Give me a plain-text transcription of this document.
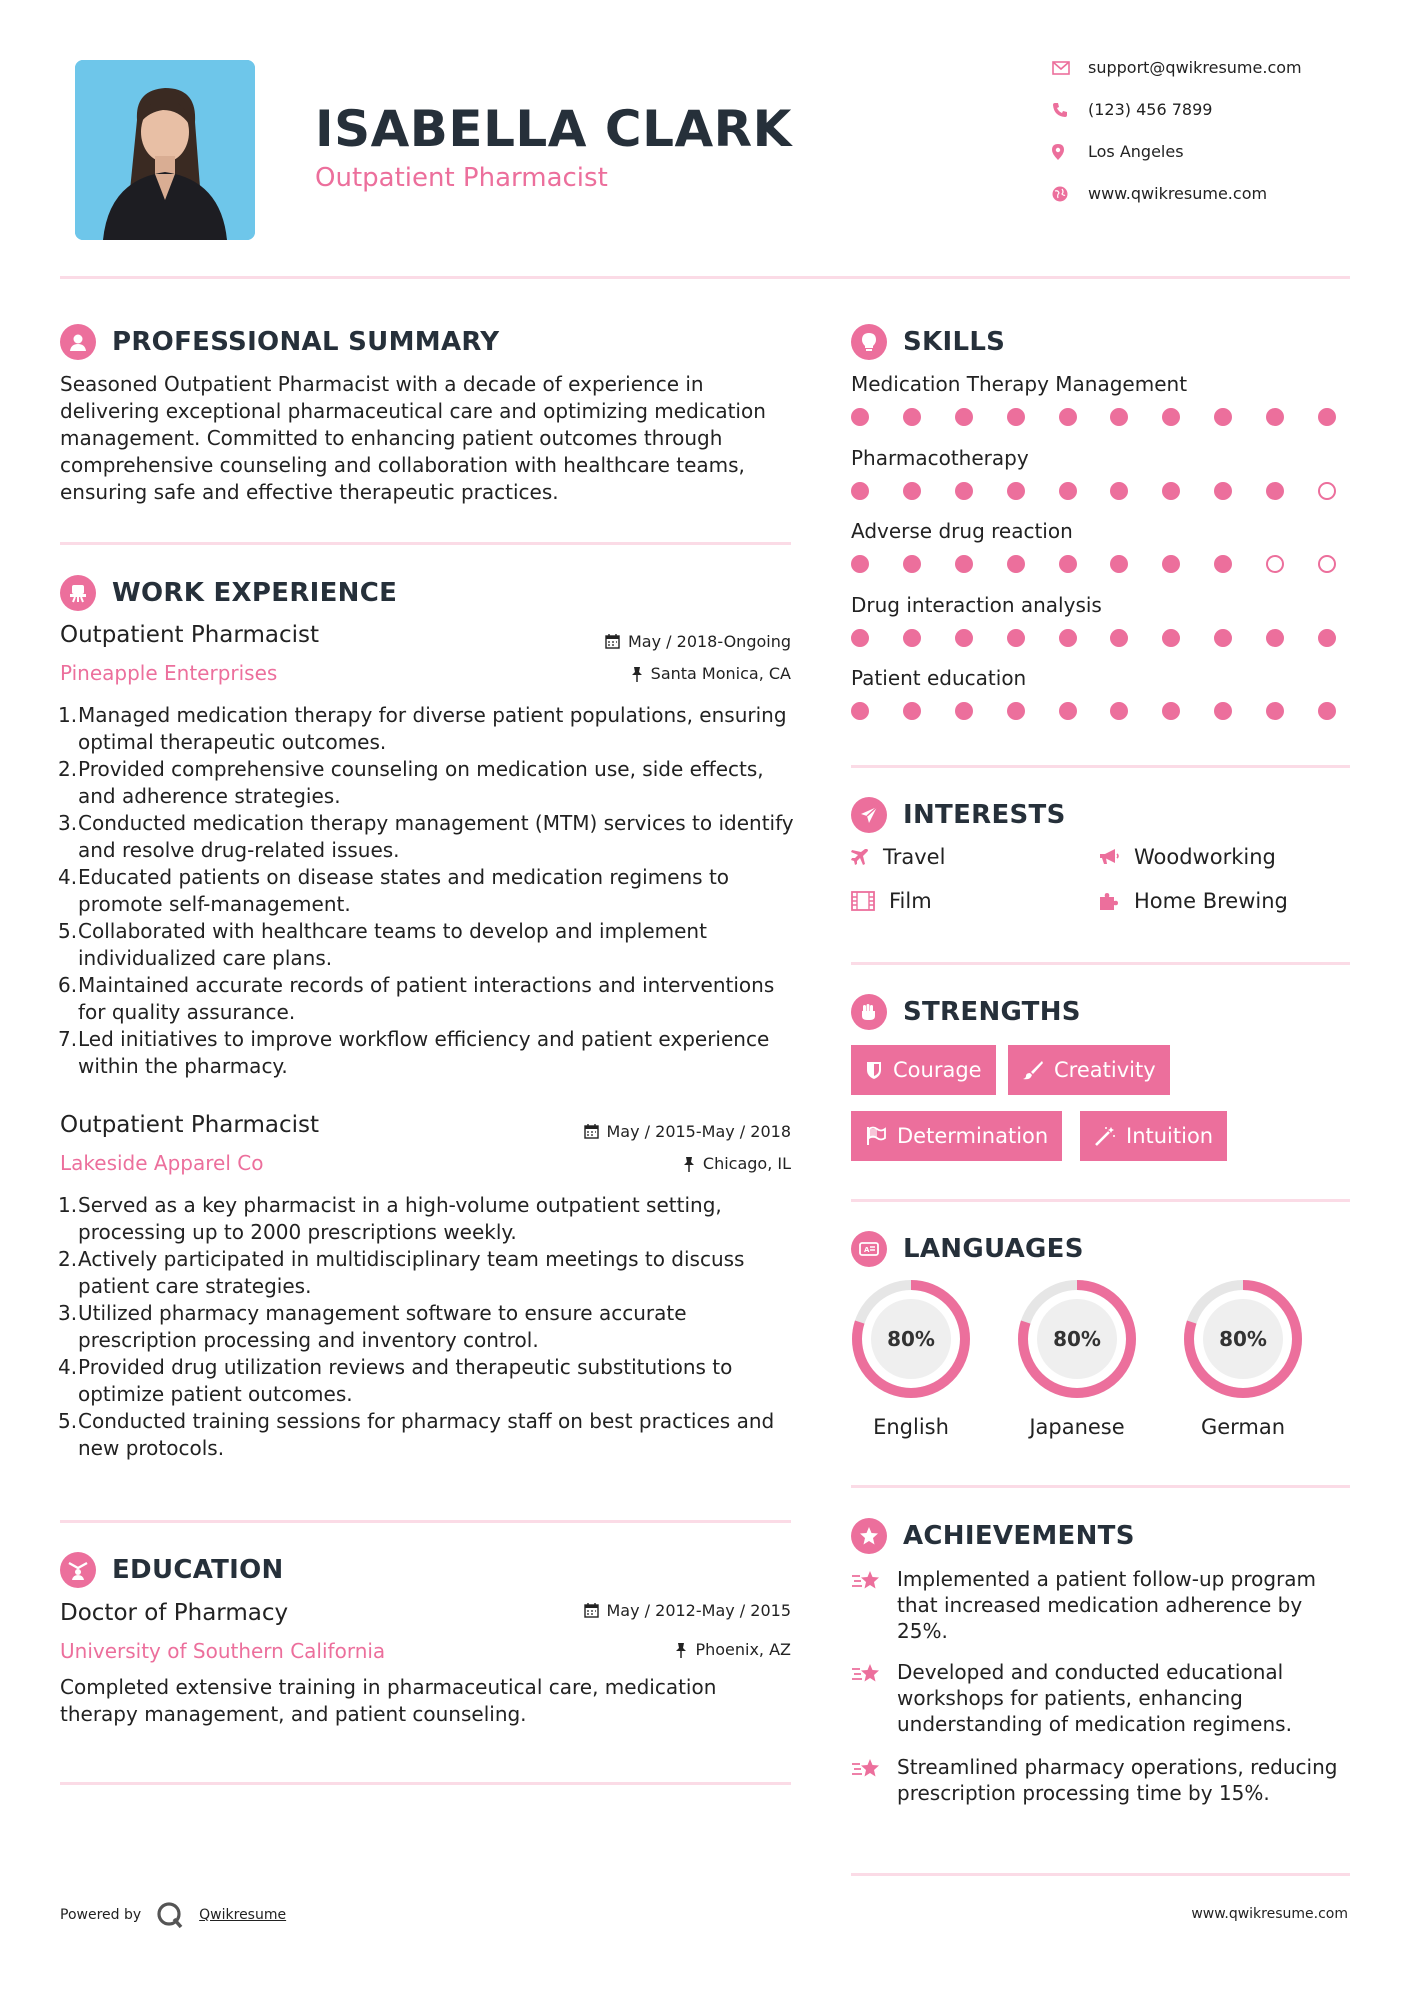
ISABELLA CLARK
Outpatient Pharmacist
support@qwikresume.com
(123) 456 7899
Los Angeles
www.qwikresume.com
PROFESSIONAL SUMMARY
Seasoned Outpatient Pharmacist with a decade of experience in delivering exceptional pharmaceutical care and optimizing medication management. Committed to enhancing patient outcomes through comprehensive counseling and collaboration with healthcare teams, ensuring safe and effective therapeutic practices.
WORK EXPERIENCE
Outpatient Pharmacist
Pineapple Enterprises
May / 2018-Ongoing
Santa Monica, CA
1. Managed medication therapy for diverse patient populations, ensuring optimal therapeutic outcomes.
2. Provided comprehensive counseling on medication use, side effects, and adherence strategies.
3. Conducted medication therapy management (MTM) services to identify and resolve drug-related issues.
4. Educated patients on disease states and medication regimens to promote self-management.
5. Collaborated with healthcare teams to develop and implement individualized care plans.
6. Maintained accurate records of patient interactions and interventions for quality assurance.
7. Led initiatives to improve workflow efficiency and patient experience within the pharmacy.
Outpatient Pharmacist
Lakeside Apparel Co
May / 2015-May / 2018
Chicago, IL
1. Served as a key pharmacist in a high-volume outpatient setting, processing up to 2000 prescriptions weekly.
2. Actively participated in multidisciplinary team meetings to discuss patient care strategies.
3. Utilized pharmacy management software to ensure accurate prescription processing and inventory control.
4. Provided drug utilization reviews and therapeutic substitutions to optimize patient outcomes.
5. Conducted training sessions for pharmacy staff on best practices and new protocols.
EDUCATION
Doctor of Pharmacy
University of Southern California
May / 2012-May / 2015
Phoenix, AZ
Completed extensive training in pharmaceutical care, medication therapy management, and patient counseling.
SKILLS
Medication Therapy Management
Pharmacotherapy
Adverse drug reaction
Drug interaction analysis
Patient education
INTERESTS
Travel	Woodworking
Film	Home Brewing
STRENGTHS
Courage	Creativity
Determination	Intuition
A LANGUAGES
80%
English
80%
Japanese
80%
German
ACHIEVEMENTS
Implemented a patient follow-up program that increased medication adherence by 25%.
Developed and conducted educational workshops for patients, enhancing understanding of medication regimens.
Streamlined pharmacy operations, reducing prescription processing time by 15%.
Powered by	Qwikresume	www.qwikresume.com
